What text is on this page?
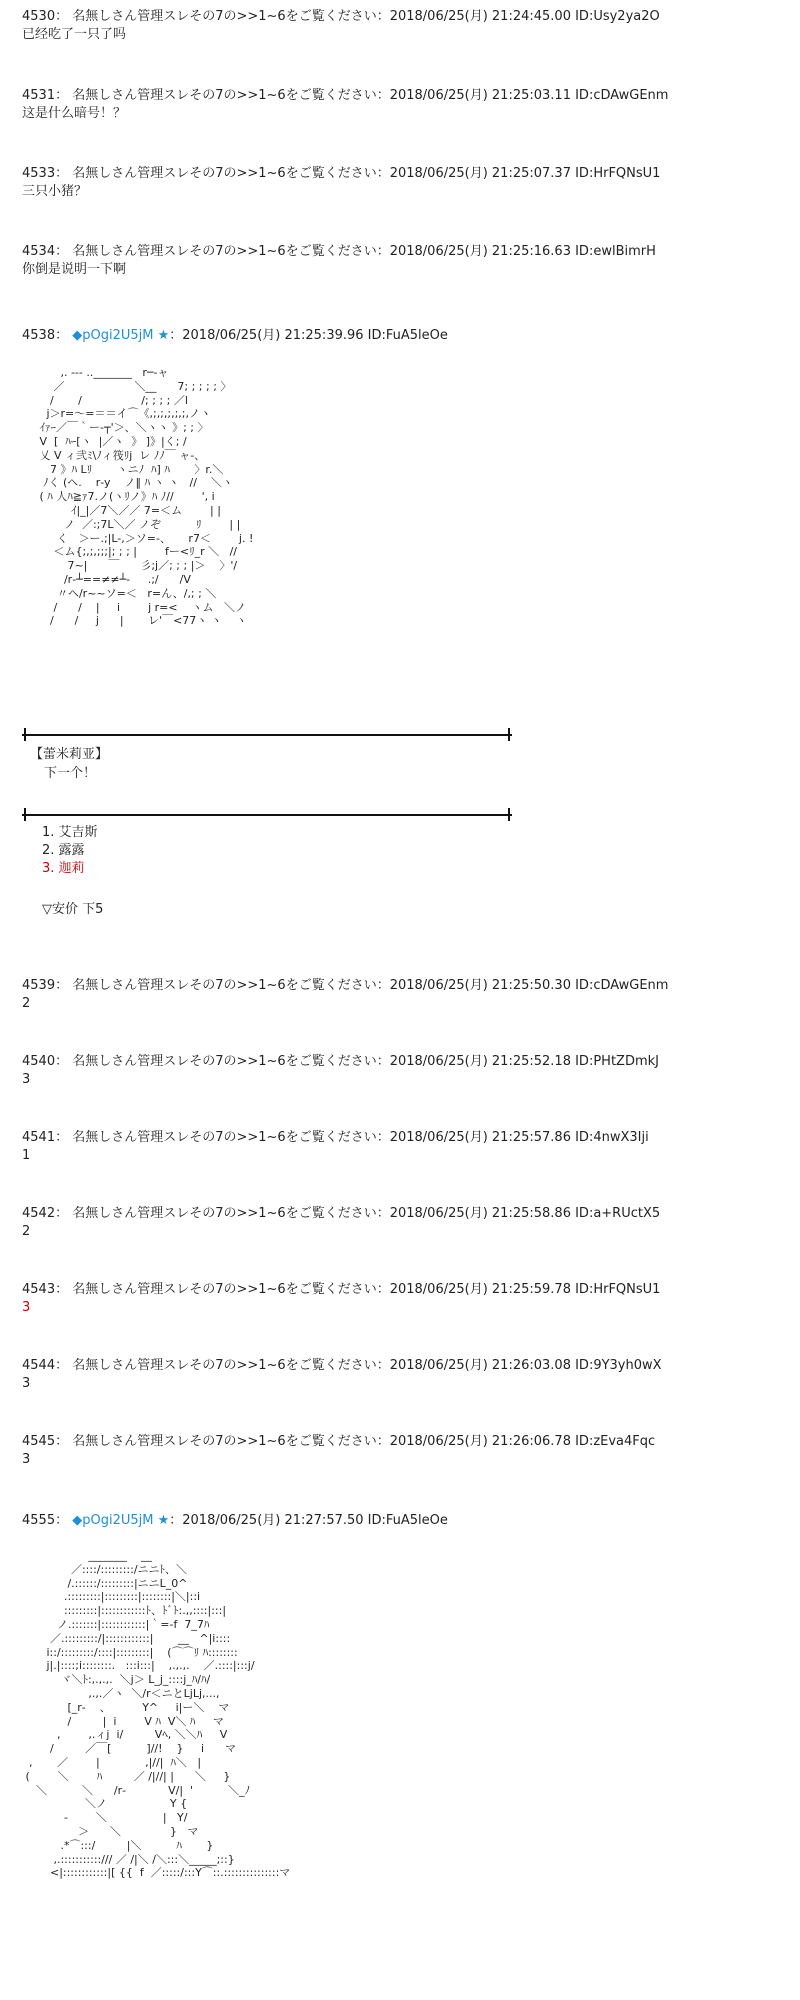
4530： 名無しさん管理スレその7の>>1~6をご覧ください：2018/06/25(月) 21:24:45.00 ID:Usy2ya2O
已经吃了一只了吗
4531： 名無しさん管理スレその7の>>1~6をご覧ください：2018/06/25(月) 21:25:03.11 ID:cDAwGEnm
这是什么暗号！？
4533： 名無しさん管理スレその7の>>1~6をご覧ください：2018/06/25(月) 21:25:07.37 ID:HrFQNsU1
三只小猪？
4534： 名無しさん管理スレその7の>>1~6をご覧ください：2018/06/25(月) 21:25:16.63 ID:ewlBimrH
你倒是说明一下啊
4538： ◆pOgi2U5jM ★：2018/06/25(月) 21:25:39.96 ID:FuA5leOe
,. ‐‐‐ .._______   r─‐ャ
／                    ＼__      7; ; ; ; ; 〉
/       /                 /; ; ; ; ／l
j＞r=～=＝＝イ⌒《,;,;,;,;,;,ノヽ
ｲｧｰ／￣｀ー‐┬'＞、＼ヽヽ 》; ; 〉
V  [  ﾊｰ[ヽ  |／ヽ  》 ]》|く; /
乂 V ィ弐ﾐ\ﾉィ筏ﾘj  レ ﾉﾉ￣ ャ-、
7 》ﾊ Lﾘ       ヽニﾉ  ﾊ] ﾊ       〉r.＼
ﾉく (ヘ.    r‐y    ノ‖ ﾊ ヽ ヽ   //    ＼ヽ
( ﾊ 人ﾊ≧ｧ7.ノ(ヽﾘノ》ﾊ ﾉ//        ', i
ｲ|_|／7＼／／ 7=＜ム        | |
ノ  ／:;7L＼／ ノぞ          ﾘ        | |
く   ＞ー.;|L-,＞ソ=-、     r7＜        j. !
＜ム{;,;,;;;|; ; ; |        fー<ﾘ_r ＼   //
7~|      ￣      彡;j／; ; ; |＞    〉'/
/r‐┴==≠≠┴‐     .;/      /V
〃ヘ/r~~ソ=＜   r=ん、/,; ; ＼
/      /    |     i        j r=<    ヽム   ＼ノ
/      /     j      |       レ'￣<77ヽ ヽ    ヽ
【蕾米莉亚】
下一个！
1. 艾吉斯
2. 露露
3. 迦莉
▽安价 下5
4539： 名無しさん管理スレその7の>>1~6をご覧ください：2018/06/25(月) 21:25:50.30 ID:cDAwGEnm
2
4540： 名無しさん管理スレその7の>>1~6をご覧ください：2018/06/25(月) 21:25:52.18 ID:PHtZDmkJ
3
4541： 名無しさん管理スレその7の>>1~6をご覧ください：2018/06/25(月) 21:25:57.86 ID:4nwX3Iji
1
4542： 名無しさん管理スレその7の>>1~6をご覧ください：2018/06/25(月) 21:25:58.86 ID:a+RUctX5
2
4543： 名無しさん管理スレその7の>>1~6をご覧ください：2018/06/25(月) 21:25:59.78 ID:HrFQNsU1
3
4544： 名無しさん管理スレその7の>>1~6をご覧ください：2018/06/25(月) 21:26:03.08 ID:9Y3yh0wX
3
4545： 名無しさん管理スレその7の>>1~6をご覧ください：2018/06/25(月) 21:26:06.78 ID:zEva4Fqc
3
4555： ◆pOgi2U5jM ★：2018/06/25(月) 21:27:57.50 ID:FuA5leOe
_______    __
／::::/:::::::::/ニニﾄ、＼
/.::::::/:::::::::|ニニL_0^
.:::::::::|:::::::::|::::::::|＼|::i
:::::::::|::::::::::::ﾄ、ﾄﾞﾄ:.,,::::|:::|
ノ.:::::::|::::::::::::|｀=-f  7_7ﾊ
／.:::::::::/|::::::::::::|       __   ^|i::::
i::/:::::::::/::::|:::::::::|    (⌒⌒ﾘ ﾊ::::::::
j|.|::::;i::::::::.   :::i:::|    ,.,.,.    ／.::::|:::j/
ヾ＼ﾄ:,.,.,.  ＼j＞ L_j_::::j_ﾊ/ﾊ/
,.,.／ヽ  ＼/r＜ニとLjLj,...,
[_r‐    、         Y^     i|ー＼    マ
/         |  i        V ﾊ  V＼ ﾊ     マ
,        ,.ィj  i/         Vﾍ, ＼＼ﾊ     V
/         ／￣[          ]//!    }     i      マ
,       ／        |             ,|//|  ﾊ＼   |
(        ＼        ﾊ         ／ /|//| |      ＼     }
＼          ＼      /r‐            V/|  '          ＼_ﾉ
＼ノ                  Y {
‐        ＼                |   Y/
＞      ＼              }   マ
.*⌒:::/         |＼          ﾊ       }
,.:::::::::::/// ／ /|＼ /＼:::＼_____;::}
<|::::::::::::|[ {{  f  ／:::::/:::Y⌒::.:::::::::::::::マ
